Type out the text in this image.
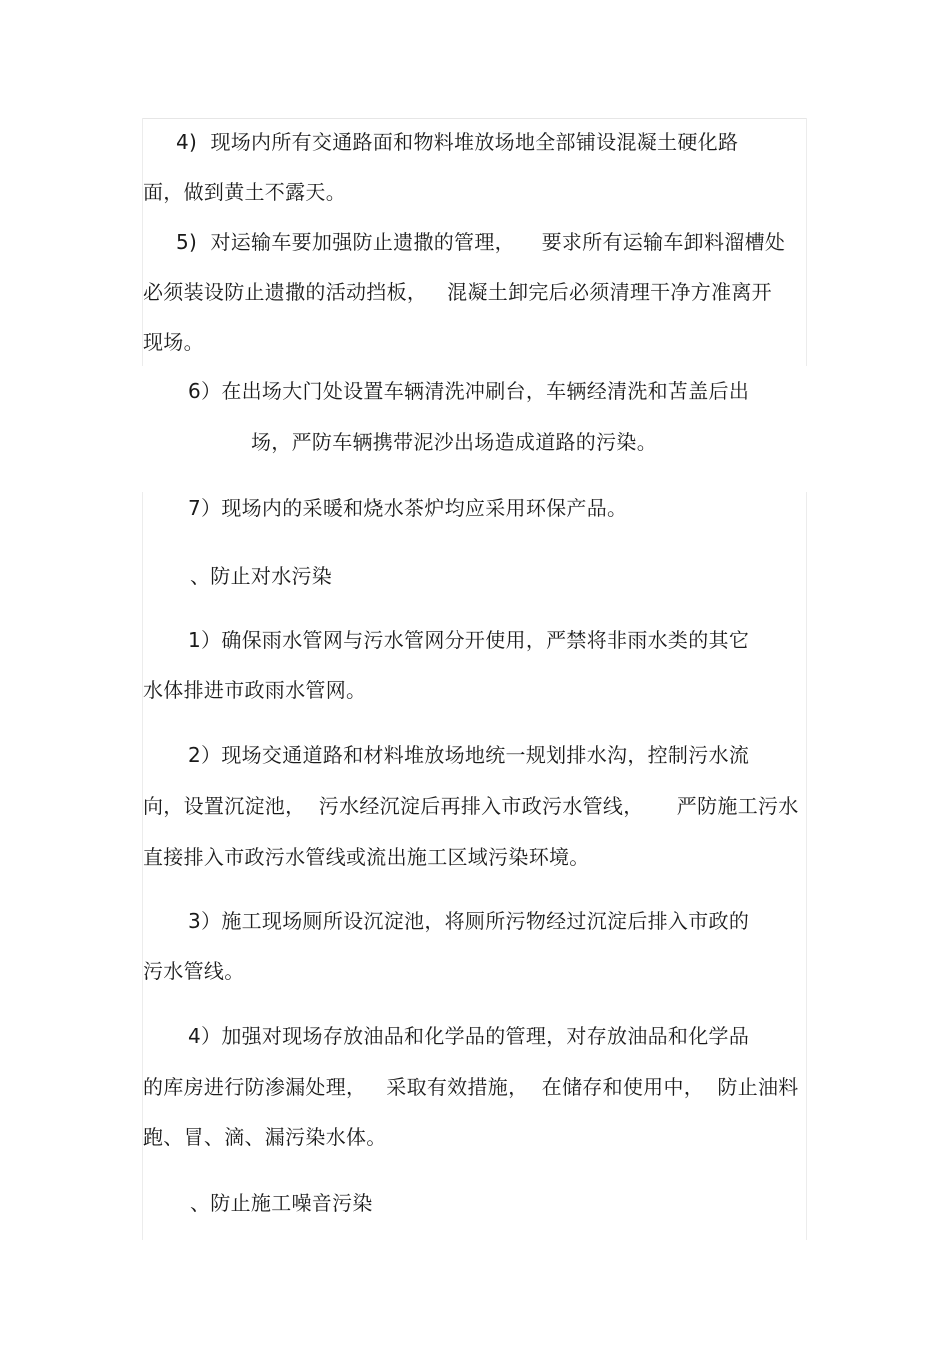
4)  现场内所有交通路面和物料堆放场地全部铺设混凝土硬化路
面，做到黄土不露天。
5)  对运输车要加强防止遗撒的管理，    要求所有运输车卸料溜槽处
必须装设防止遗撒的活动挡板，   混凝土卸完后必须清理干净方准离开
现场。
6）在出场大门处设置车辆清洗冲刷台，车辆经清洗和苫盖后出
场，严防车辆携带泥沙出场造成道路的污染。
7）现场内的采暖和烧水茶炉均应采用环保产品。
、防止对水污染
1）确保雨水管网与污水管网分开使用，严禁将非雨水类的其它
水体排进市政雨水管网。
2）现场交通道路和材料堆放场地统一规划排水沟，控制污水流
向，设置沉淀池，  污水经沉淀后再排入市政污水管线，     严防施工污水
直接排入市政污水管线或流出施工区域污染环境。
3）施工现场厕所设沉淀池，将厕所污物经过沉淀后排入市政的
污水管线。
4）加强对现场存放油品和化学品的管理，对存放油品和化学品
的库房进行防渗漏处理，   采取有效措施，  在储存和使用中，  防止油料
跑、冒、滴、漏污染水体。
、防止施工噪音污染
